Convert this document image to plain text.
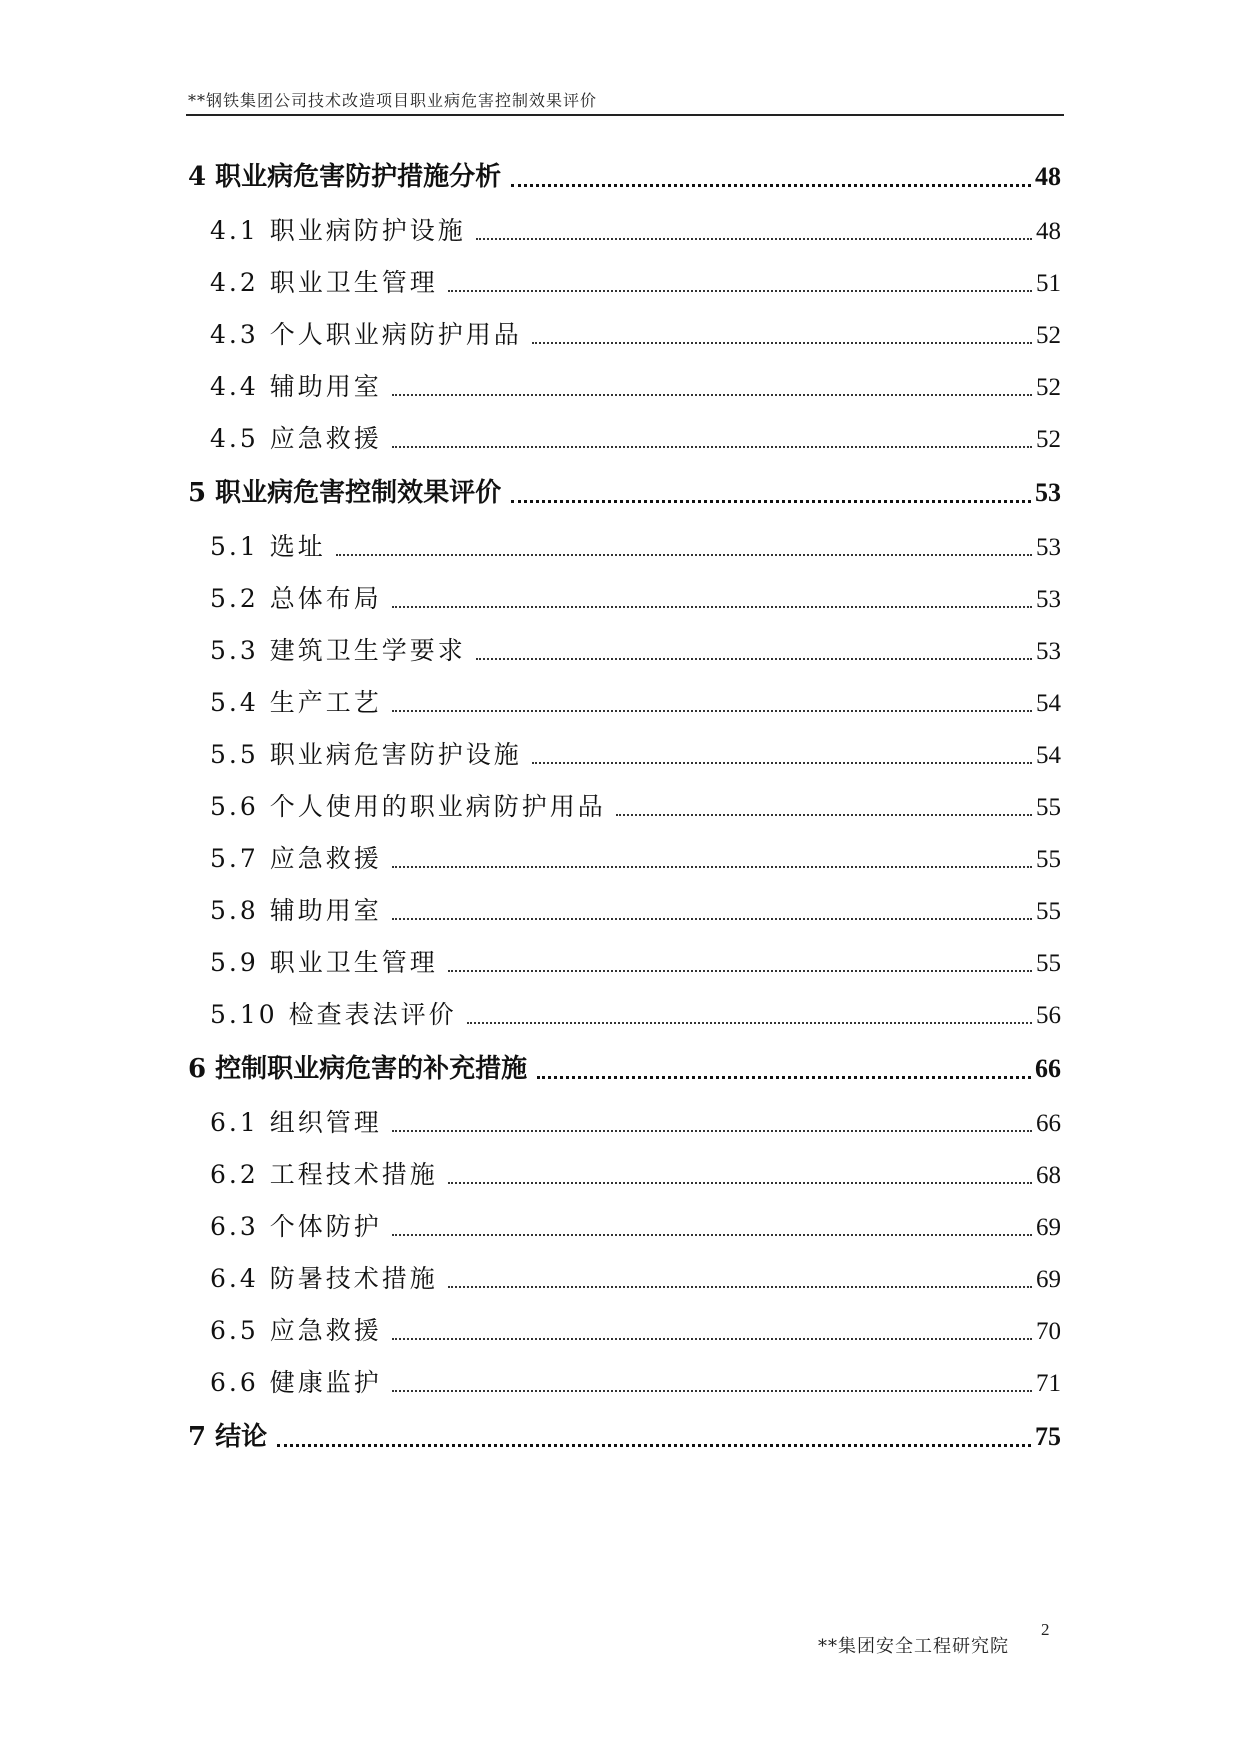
**钢铁集团公司技术改造项目职业病危害控制效果评价
4 职业病危害防护措施分析	48
4.1 职业病防护设施	48
4.2 职业卫生管理	51
4.3 个人职业病防护用品	52
4.4 辅助用室	52
4.5 应急救援	52
5 职业病危害控制效果评价	53
5.1 选址	53
5.2 总体布局	53
5.3 建筑卫生学要求	53
5.4 生产工艺	54
5.5 职业病危害防护设施	54
5.6 个人使用的职业病防护用品	55
5.7 应急救援	55
5.8 辅助用室	55
5.9 职业卫生管理	55
5.10 检查表法评价	56
6 控制职业病危害的补充措施	66
6.1 组织管理	66
6.2 工程技术措施	68
6.3 个体防护	69
6.4 防暑技术措施	69
6.5 应急救援	70
6.6 健康监护	71
7 结论	75
**集团安全工程研究院
2
